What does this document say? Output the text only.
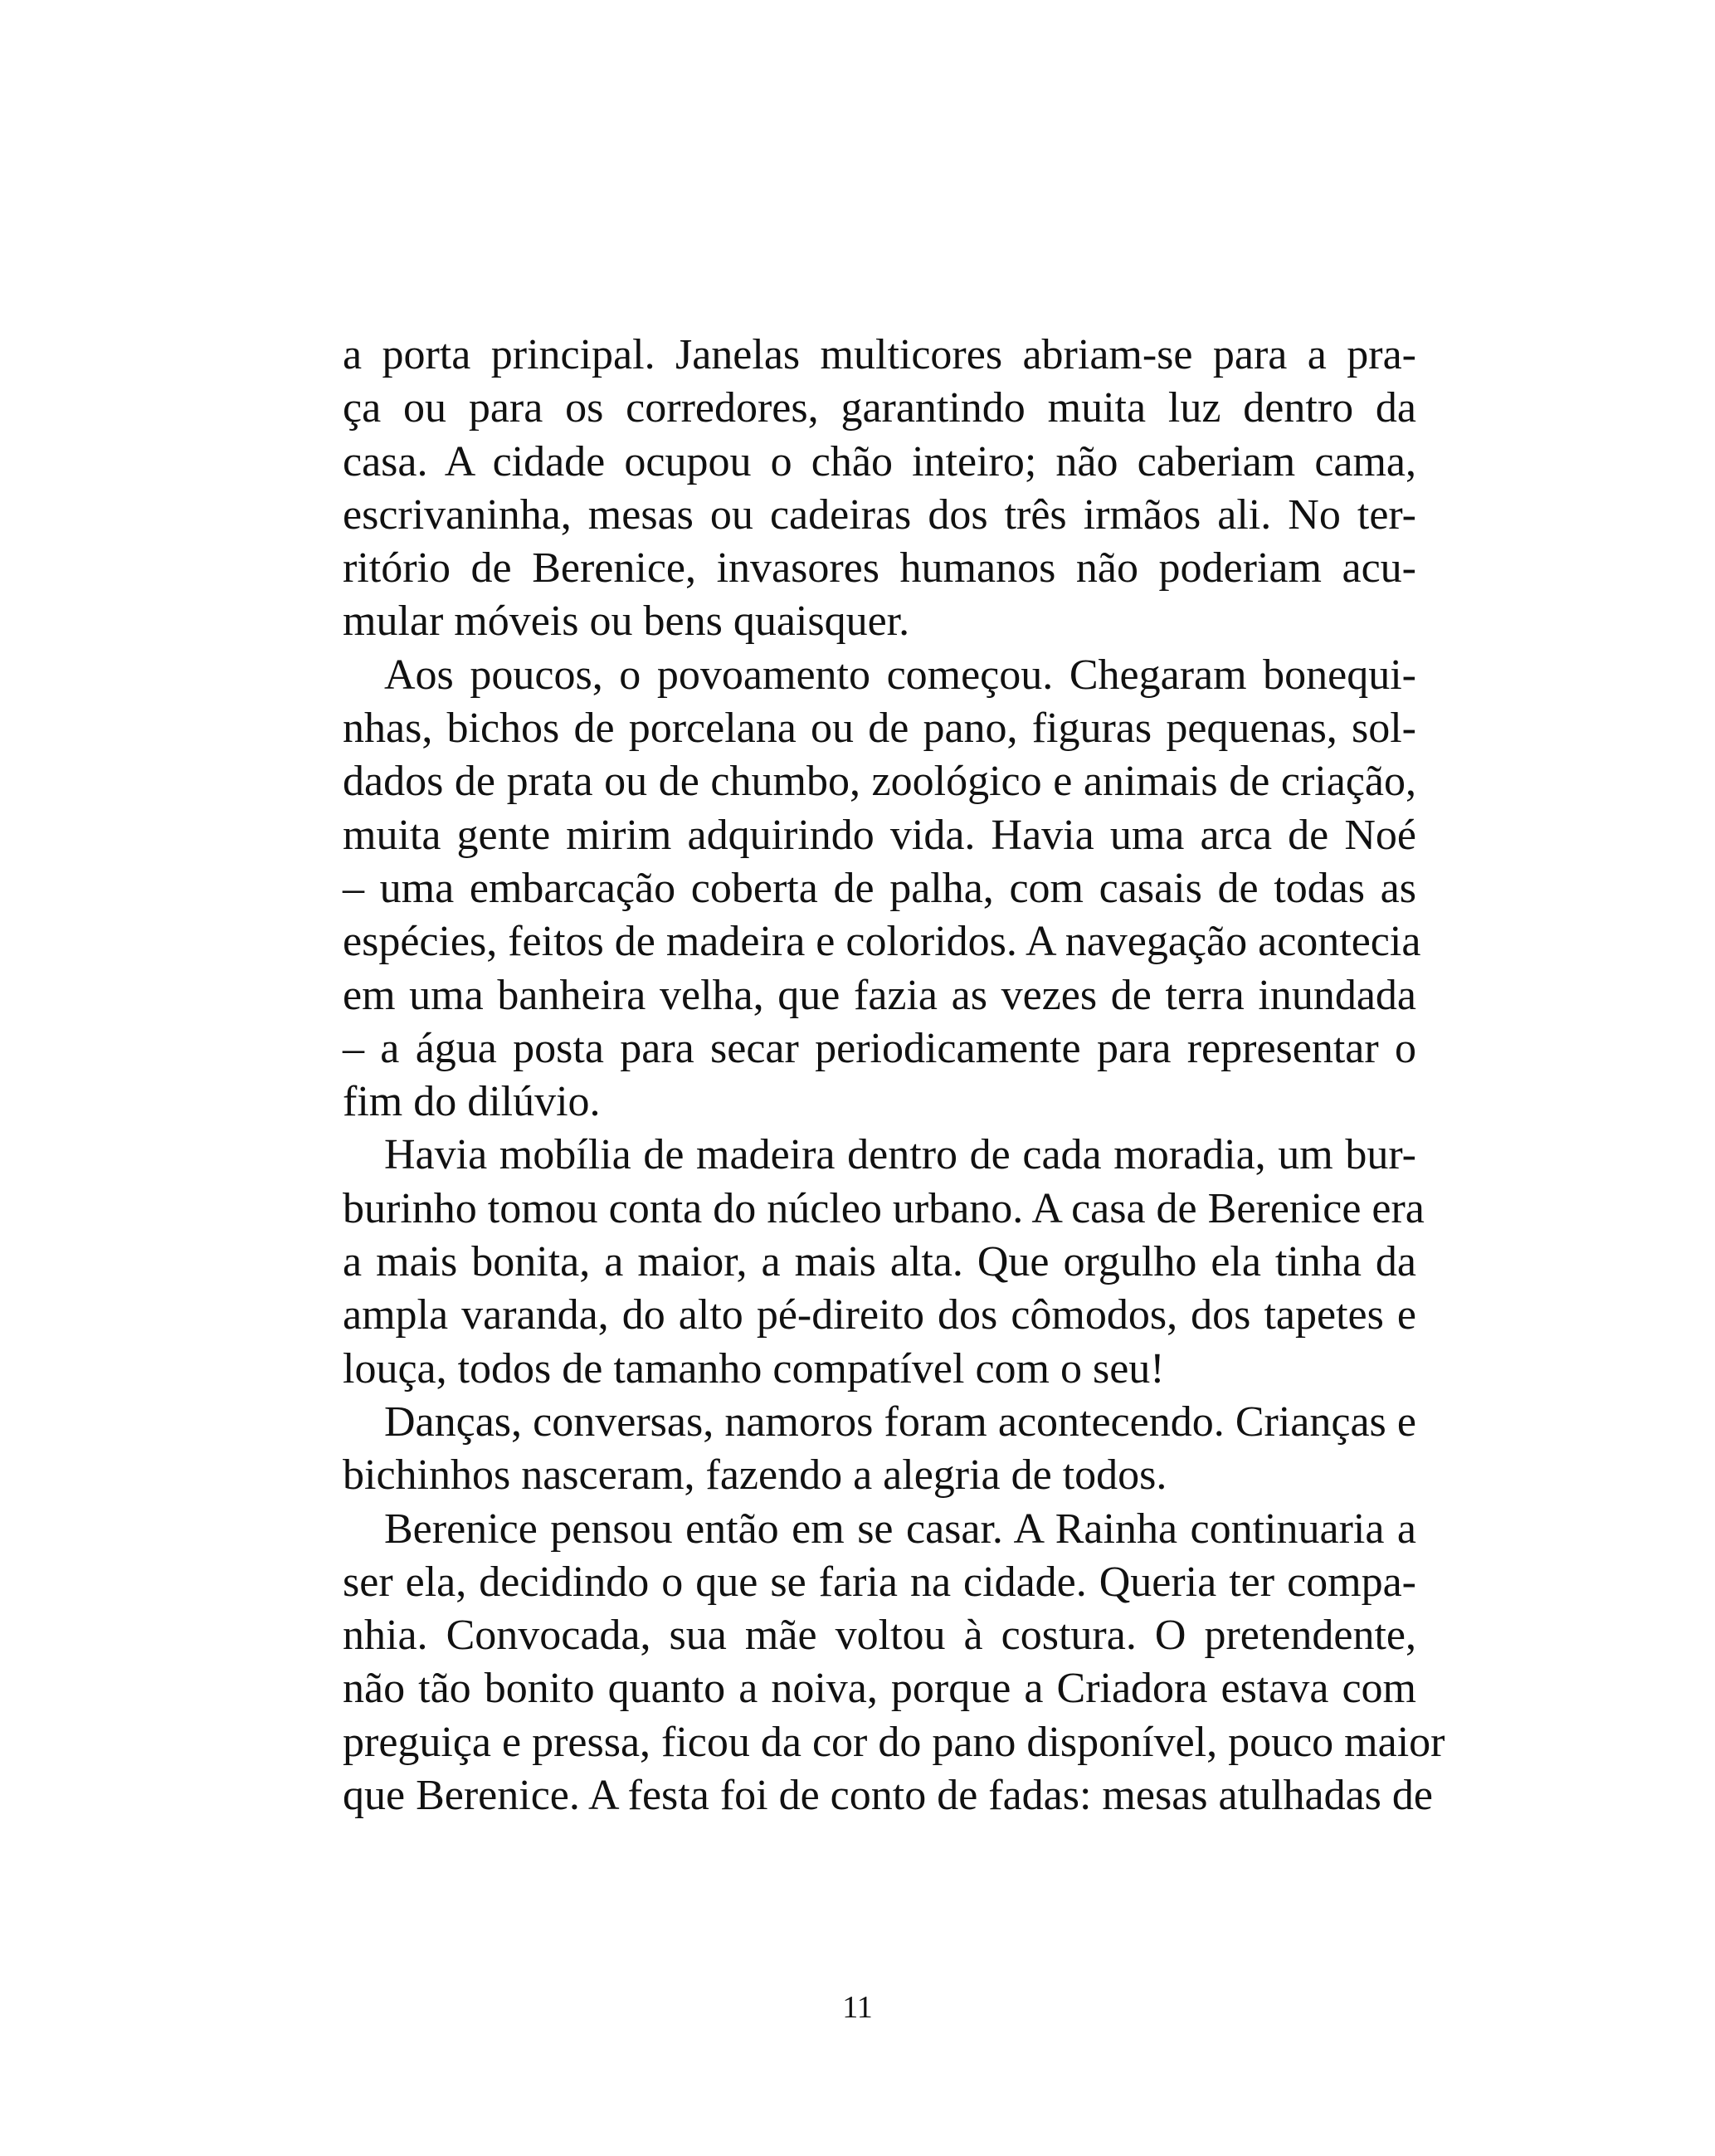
a porta principal. Janelas multicores abriam-se para a pra-
ça ou para os corredores, garantindo muita luz dentro da
casa. A cidade ocupou o chão inteiro; não caberiam cama,
escrivaninha, mesas ou cadeiras dos três irmãos ali. No ter-
ritório de Berenice, invasores humanos não poderiam acu-
mular móveis ou bens quaisquer.
Aos poucos, o povoamento começou. Chegaram bonequi-
nhas, bichos de porcelana ou de pano, figuras pequenas, sol-
dados de prata ou de chumbo, zoológico e animais de criação,
muita gente mirim adquirindo vida. Havia uma arca de Noé
– uma embarcação coberta de palha, com casais de todas as
espécies, feitos de madeira e coloridos. A navegação acontecia
em uma banheira velha, que fazia as vezes de terra inundada
– a água posta para secar periodicamente para representar o
fim do dilúvio.
Havia mobília de madeira dentro de cada moradia, um bur-
burinho tomou conta do núcleo urbano. A casa de Berenice era
a mais bonita, a maior, a mais alta. Que orgulho ela tinha da
ampla varanda, do alto pé-direito dos cômodos, dos tapetes e
louça, todos de tamanho compatível com o seu!
Danças, conversas, namoros foram acontecendo. Crianças e
bichinhos nasceram, fazendo a alegria de todos.
Berenice pensou então em se casar. A Rainha continuaria a
ser ela, decidindo o que se faria na cidade. Queria ter compa-
nhia. Convocada, sua mãe voltou à costura. O pretendente,
não tão bonito quanto a noiva, porque a Criadora estava com
preguiça e pressa, ficou da cor do pano disponível, pouco maior
que Berenice. A festa foi de conto de fadas: mesas atulhadas de
11
